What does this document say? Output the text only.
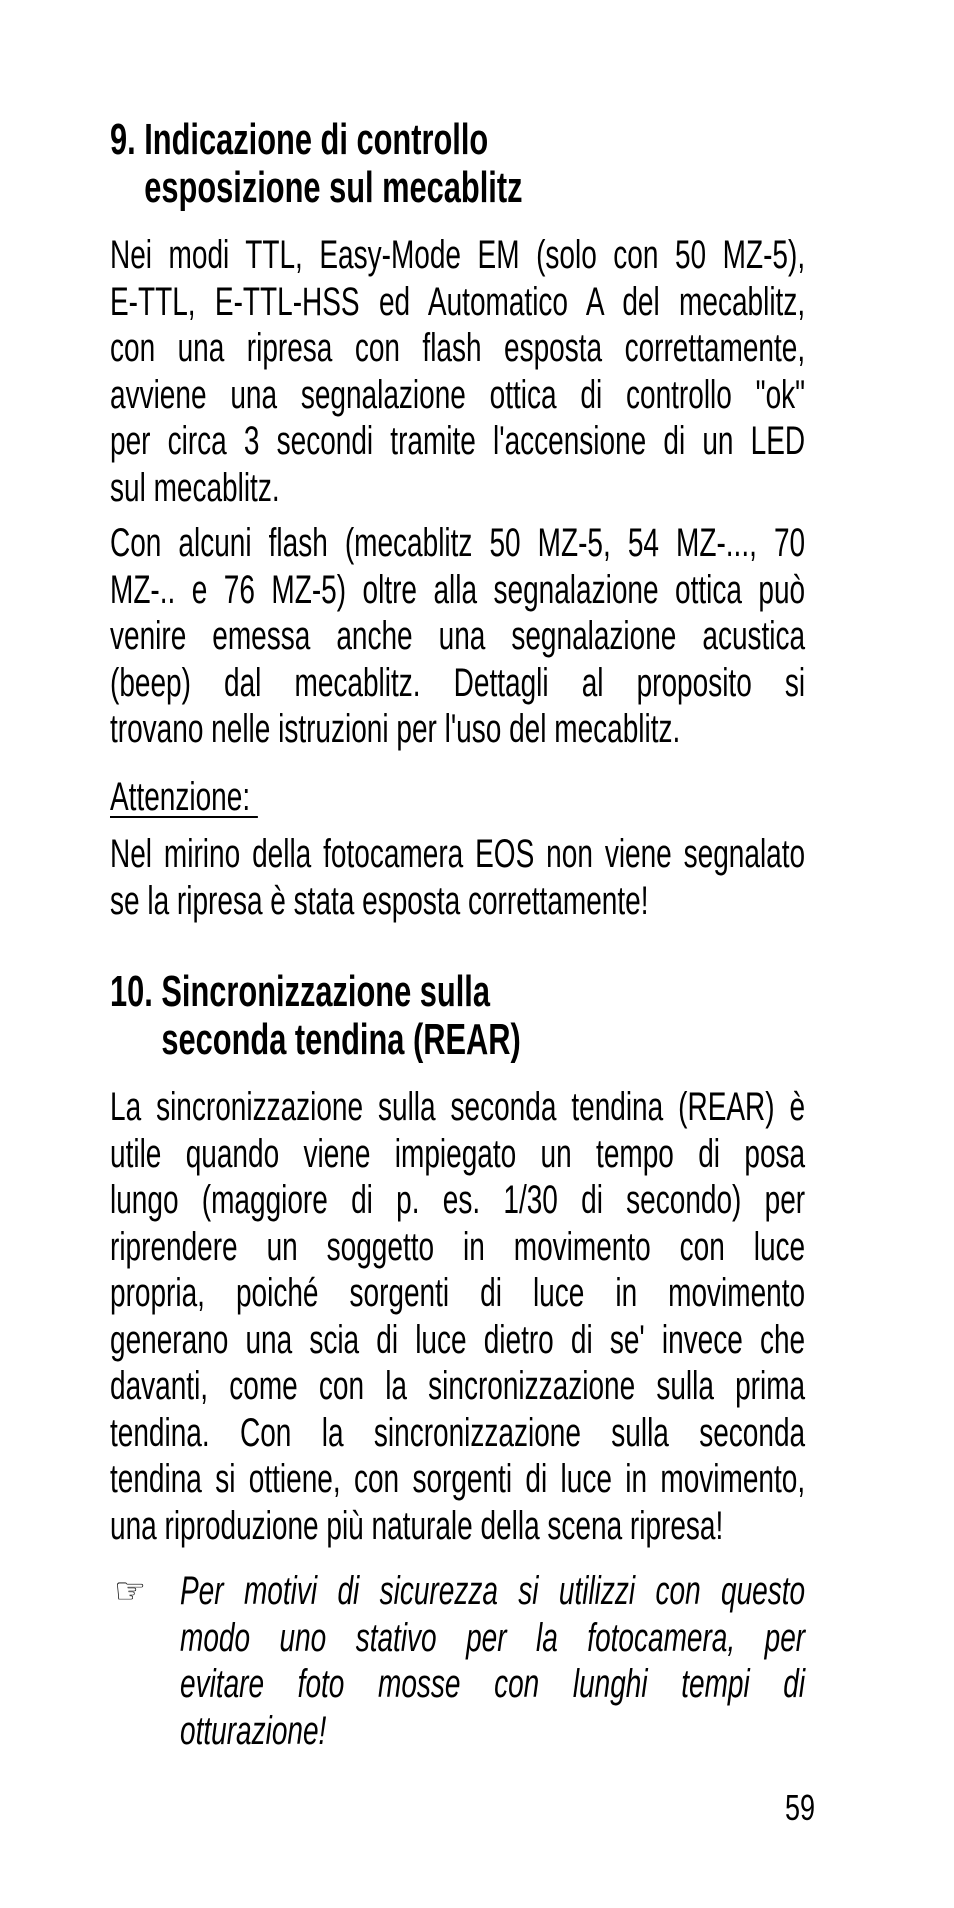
9. Indicazione di controllo
esposizione sul mecablitz

Nei modi TTL, Easy-Mode EM (solo con 50 MZ-5),
E-TTL, E-TTL-HSS ed Automatico A del mecablitz,
con una ripresa con flash esposta correttamente,
avviene una segnalazione ottica di controllo "ok"
per circa 3 secondi tramite l'accensione di un LED
sul mecablitz.

Con alcuni flash (mecablitz 50 MZ-5, 54 MZ-..., 70
MZ-.. e 76 MZ-5) oltre alla segnalazione ottica può
venire emessa anche una segnalazione acustica
(beep) dal mecablitz. Dettagli al proposito si
trovano nelle istruzioni per l'uso del mecablitz.

Attenzione:

Nel mirino della fotocamera EOS non viene segnalato
se la ripresa è stata esposta correttamente!

10. Sincronizzazione sulla
seconda tendina (REAR)

La sincronizzazione sulla seconda tendina (REAR) è
utile quando viene impiegato un tempo di posa
lungo (maggiore di p. es. 1/30 di secondo) per
riprendere un soggetto in movimento con luce
propria, poiché sorgenti di luce in movimento
generano una scia di luce dietro di se' invece che
davanti, come con la sincronizzazione sulla prima
tendina. Con la sincronizzazione sulla seconda
tendina si ottiene, con sorgenti di luce in movimento,
una riproduzione più naturale della scena ripresa!

☞ Per motivi di sicurezza si utilizzi con questo
modo uno stativo per la fotocamera, per
evitare foto mosse con lunghi tempi di
otturazione!

59
